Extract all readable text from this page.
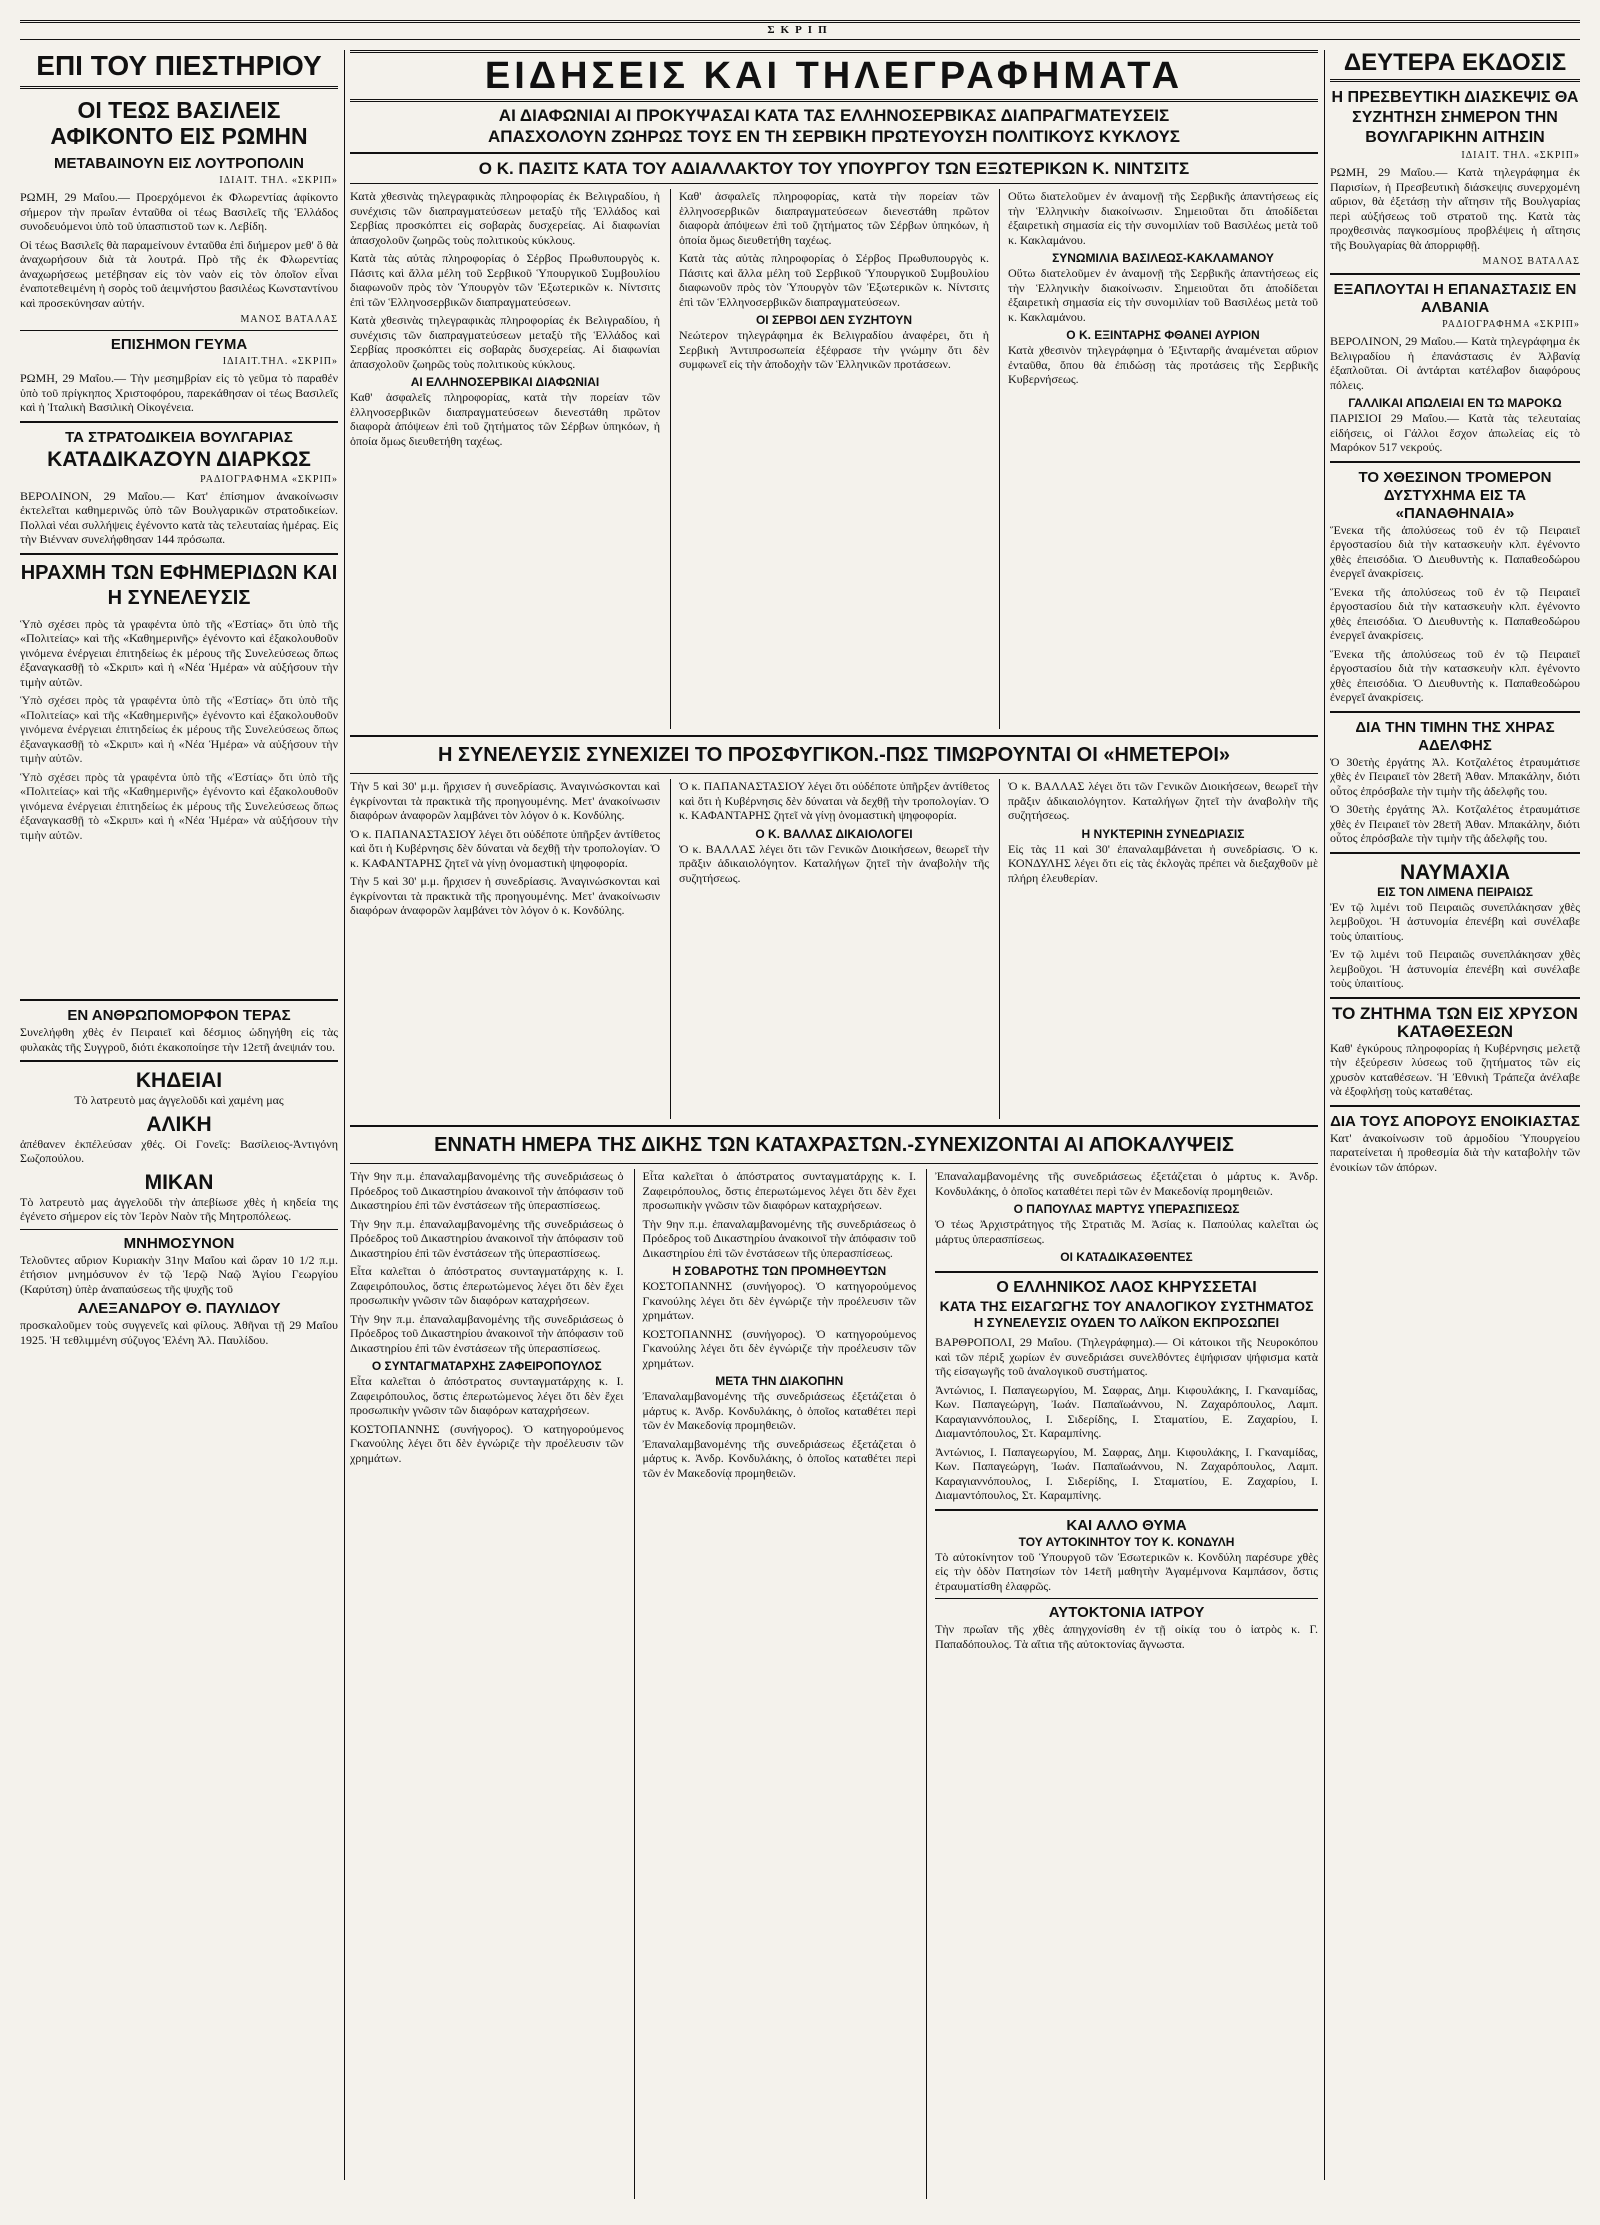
ΣΚΡΙΠ
ΕΠΙ ΤΟΥ ΠΙΕΣΤΗΡΙΟΥ
ΟΙ ΤΕΩΣ ΒΑΣΙΛΕΙΣ ΑΦΙΚΟΝΤΟ ΕΙΣ ΡΩΜΗΝ
ΜΕΤΑΒΑΙΝΟΥΝ ΕΙΣ ΛΟΥΤΡΟΠΟΛΙΝ
ΙΔΙΑΙΤ. ΤΗΛ. «ΣΚΡΙΠ»

ΡΩΜΗ, 29 Μαΐου.— Προερχόμενοι ἐκ Φλωρεντίας ἀφίκοντο σήμερον τὴν πρωΐαν ἐνταῦθα οἱ τέως Βασιλεῖς τῆς Ἑλλάδος συνοδευόμενοι ὑπὸ τοῦ ὑπασπιστοῦ των κ. Λεβίδη.

Οἱ τέως Βασιλεῖς θὰ παραμείνουν ἐνταῦθα ἐπὶ διήμερον μεθ' ὃ θὰ ἀναχωρήσουν διὰ τὰ λουτρά. Πρὸ τῆς ἐκ Φλωρεντίας ἀναχωρήσεως μετέβησαν εἰς τὸν ναὸν εἰς τὸν ὁποῖον εἶναι ἐναποτεθειμένη ἡ σορὸς τοῦ ἀειμνήστου βασιλέως Κωνσταντίνου καὶ προσεκύνησαν αὐτήν.

ΜΑΝΟΣ ΒΑΤΑΛΑΣ
ΕΠΙΣΗΜΟΝ ΓΕΥΜΑ
ΙΔΙΑΙΤ.ΤΗΛ. «ΣΚΡΙΠ»

ΡΩΜΗ, 29 Μαΐου.— Τὴν μεσημβρίαν εἰς τὸ γεῦμα τὸ παραθέν ὑπὸ τοῦ πρίγκηπος Χριστοφόρου, παρεκάθησαν οἱ τέως Βασιλεῖς καὶ ἡ Ἰταλικὴ Βασιλικὴ Οἰκογένεια.

ΤΑ ΣΤΡΑΤΟΔΙΚΕΙΑ ΒΟΥΛΓΑΡΙΑΣ
ΚΑΤΑΔΙΚΑΖΟΥΝ ΔΙΑΡΚΩΣ
ΡΑΔΙΟΓΡΑΦΗΜΑ «ΣΚΡΙΠ»

ΒΕΡΟΛΙΝΟΝ, 29 Μαΐου.— Κατ' ἐπίσημον ἀνακοίνωσιν ἐκτελεῖται καθημερινῶς ὑπὸ τῶν Βουλγαρικῶν στρατοδικείων. Πολλαὶ νέαι συλλήψεις ἐγένοντο κατὰ τὰς τελευταίας ἡμέρας. Εἰς τὴν Βιένναν συνελήφθησαν 144 πρόσωπα.

ΗΡΑΧΜΗ ΤΩΝ ΕΦΗΜΕΡΙΔΩΝ ΚΑΙ Η ΣΥΝΕΛΕΥΣΙΣ

Ὑπὸ σχέσει πρὸς τὰ γραφέντα ὑπὸ τῆς «Ἑστίας» ὅτι ὑπὸ τῆς «Πολιτείας» καὶ τῆς «Καθημερινῆς» ἐγένοντο καὶ ἐξακολουθοῦν γινόμενα ἐνέργειαι ἐπιτηδείως ἐκ μέρους τῆς Συνελεύσεως ὅπως ἐξαναγκασθῇ τὸ «Σκριπ» καὶ ἡ «Νέα Ἡμέρα» νὰ αὐξήσουν τὴν τιμὴν αὐτῶν.

Ὑπὸ σχέσει πρὸς τὰ γραφέντα ὑπὸ τῆς «Ἑστίας» ὅτι ὑπὸ τῆς «Πολιτείας» καὶ τῆς «Καθημερινῆς» ἐγένοντο καὶ ἐξακολουθοῦν γινόμενα ἐνέργειαι ἐπιτηδείως ἐκ μέρους τῆς Συνελεύσεως ὅπως ἐξαναγκασθῇ τὸ «Σκριπ» καὶ ἡ «Νέα Ἡμέρα» νὰ αὐξήσουν τὴν τιμὴν αὐτῶν.

Ὑπὸ σχέσει πρὸς τὰ γραφέντα ὑπὸ τῆς «Ἑστίας» ὅτι ὑπὸ τῆς «Πολιτείας» καὶ τῆς «Καθημερινῆς» ἐγένοντο καὶ ἐξακολουθοῦν γινόμενα ἐνέργειαι ἐπιτηδείως ἐκ μέρους τῆς Συνελεύσεως ὅπως ἐξαναγκασθῇ τὸ «Σκριπ» καὶ ἡ «Νέα Ἡμέρα» νὰ αὐξήσουν τὴν τιμὴν αὐτῶν.

ΕΝ ΑΝΘΡΩΠΟΜΟΡΦΟΝ ΤΕΡΑΣ

Συνελήφθη χθὲς ἐν Πειραιεῖ καὶ δέσμιος ὡδηγήθη εἰς τὰς φυλακὰς τῆς Συγγροῦ, διότι ἐκακοποίησε τὴν 12ετῆ ἀνεψιάν του.

ΚΗΔΕΙΑΙ

Τὸ λατρευτὸ μας ἀγγελοῦδι καὶ χαμένη μας

ΑΛΙΚΗ

ἀπέθανεν ἐκπέλεύσαν χθές. Οἱ Γονεῖς: Βασίλειος-Ἀντιγόνη Σωζοπούλου.

ΜΙΚΑΝ

Τὸ λατρευτὸ μας ἀγγελοῦδι τὴν ἀπεβίωσε χθὲς ἡ κηδεία της ἐγένετο σήμερον εἰς τὸν Ἱερὸν Ναὸν τῆς Μητροπόλεως.

ΜΝΗΜΟΣΥΝΟΝ

Τελοῦντες αὔριον Κυριακὴν 31ην Μαΐου καὶ ὥραν 10 1/2 π.μ. ἐτήσιον μνημόσυνον ἐν τῷ Ἱερῷ Ναῷ Ἁγίου Γεωργίου (Καρύτση) ὑπὲρ ἀναπαύσεως τῆς ψυχῆς τοῦ

ΑΛΕΞΑΝΔΡΟΥ Θ. ΠΑΥΛΙΔΟΥ

προσκαλοῦμεν τοὺς συγγενεῖς καὶ φίλους. Ἀθῆναι τῇ 29 Μαΐου 1925. Ἡ τεθλιμμένη σύζυγος Ἑλένη Ἀλ. Παυλίδου.

ΕΙΔΗΣΕΙΣ ΚΑΙ ΤΗΛΕΓΡΑΦΗΜΑΤΑ
ΑΙ ΔΙΑΦΩΝΙΑΙ ΑΙ ΠΡΟΚΥΨΑΣΑΙ ΚΑΤΑ ΤΑΣ ΕΛΛΗΝΟΣΕΡΒΙΚΑΣ ΔΙΑΠΡΑΓΜΑΤΕΥΣΕΙΣ
ΑΠΑΣΧΟΛΟΥΝ ΖΩΗΡΩΣ ΤΟΥΣ ΕΝ ΤΗ ΣΕΡΒΙΚΗ ΠΡΩΤΕΥΟΥΣΗ ΠΟΛΙΤΙΚΟΥΣ ΚΥΚΛΟΥΣ
Ο Κ. ΠΑΣΙΤΣ ΚΑΤΑ ΤΟΥ ΑΔΙΑΛΛΑΚΤΟΥ ΤΟΥ ΥΠΟΥΡΓΟΥ ΤΩΝ ΕΞΩΤΕΡΙΚΩΝ Κ. ΝΙΝΤΣΙΤΣ

Κατὰ χθεσινὰς τηλεγραφικὰς πληροφορίας ἐκ Βελιγραδίου, ἡ συνέχισις τῶν διαπραγματεύσεων μεταξὺ τῆς Ἑλλάδος καὶ Σερβίας προσκόπτει εἰς σοβαρὰς δυσχερείας. Αἱ διαφωνίαι ἀπασχολοῦν ζωηρῶς τοὺς πολιτικοὺς κύκλους.

Κατὰ τὰς αὐτὰς πληροφορίας ὁ Σέρβος Πρωθυπουργὸς κ. Πάσιτς καὶ ἄλλα μέλη τοῦ Σερβικοῦ Ὑπουργικοῦ Συμβουλίου διαφωνοῦν πρὸς τὸν Ὑπουργὸν τῶν Ἐξωτερικῶν κ. Νίντσιτς ἐπὶ τῶν Ἑλληνοσερβικῶν διαπραγματεύσεων.

Κατὰ χθεσινὰς τηλεγραφικὰς πληροφορίας ἐκ Βελιγραδίου, ἡ συνέχισις τῶν διαπραγματεύσεων μεταξὺ τῆς Ἑλλάδος καὶ Σερβίας προσκόπτει εἰς σοβαρὰς δυσχερείας. Αἱ διαφωνίαι ἀπασχολοῦν ζωηρῶς τοὺς πολιτικοὺς κύκλους.

ΑΙ ΕΛΛΗΝΟΣΕΡΒΙΚΑΙ ΔΙΑΦΩΝΙΑΙ

Καθ' ἀσφαλεῖς πληροφορίας, κατὰ τὴν πορείαν τῶν ἑλληνοσερβικῶν διαπραγματεύσεων διενεστάθη πρῶτον διαφορὰ ἀπόψεων ἐπὶ τοῦ ζητήματος τῶν Σέρβων ὑπηκόων, ἡ ὁποία ὅμως διευθετήθη ταχέως.

Καθ' ἀσφαλεῖς πληροφορίας, κατὰ τὴν πορείαν τῶν ἑλληνοσερβικῶν διαπραγματεύσεων διενεστάθη πρῶτον διαφορὰ ἀπόψεων ἐπὶ τοῦ ζητήματος τῶν Σέρβων ὑπηκόων, ἡ ὁποία ὅμως διευθετήθη ταχέως.

Κατὰ τὰς αὐτὰς πληροφορίας ὁ Σέρβος Πρωθυπουργὸς κ. Πάσιτς καὶ ἄλλα μέλη τοῦ Σερβικοῦ Ὑπουργικοῦ Συμβουλίου διαφωνοῦν πρὸς τὸν Ὑπουργὸν τῶν Ἐξωτερικῶν κ. Νίντσιτς ἐπὶ τῶν Ἑλληνοσερβικῶν διαπραγματεύσεων.

ΟΙ ΣΕΡΒΟΙ ΔΕΝ ΣΥΖΗΤΟΥΝ

Νεώτερον τηλεγράφημα ἐκ Βελιγραδίου ἀναφέρει, ὅτι ἡ Σερβικὴ Ἀντιπροσωπεία ἐξέφρασε τὴν γνώμην ὅτι δὲν συμφωνεῖ εἰς τὴν ἀποδοχὴν τῶν Ἑλληνικῶν προτάσεων.

Οὕτω διατελοῦμεν ἐν ἀναμονῇ τῆς Σερβικῆς ἀπαντήσεως εἰς τὴν Ἑλληνικὴν διακοίνωσιν. Σημειοῦται ὅτι ἀποδίδεται ἐξαιρετικὴ σημασία εἰς τὴν συνομιλίαν τοῦ Βασιλέως μετὰ τοῦ κ. Κακλαμάνου.

ΣΥΝΩΜΙΛΙΑ ΒΑΣΙΛΕΩΣ-ΚΑΚΛΑΜΑΝΟΥ

Οὕτω διατελοῦμεν ἐν ἀναμονῇ τῆς Σερβικῆς ἀπαντήσεως εἰς τὴν Ἑλληνικὴν διακοίνωσιν. Σημειοῦται ὅτι ἀποδίδεται ἐξαιρετικὴ σημασία εἰς τὴν συνομιλίαν τοῦ Βασιλέως μετὰ τοῦ κ. Κακλαμάνου.

Ο Κ. ΕΞΙΝΤΑΡΗΣ ΦΘΑΝΕΙ ΑΥΡΙΟΝ

Κατὰ χθεσινὸν τηλεγράφημα ὁ Ἐξινταρῆς ἀναμένεται αὔριον ἐνταῦθα, ὅπου θὰ ἐπιδώσῃ τὰς προτάσεις τῆς Σερβικῆς Κυβερνήσεως.

Η ΣΥΝΕΛΕΥΣΙΣ ΣΥΝΕΧΙΖΕΙ ΤΟ ΠΡΟΣΦΥΓΙΚΟΝ.-ΠΩΣ ΤΙΜΩΡΟΥΝΤΑΙ ΟΙ «ΗΜΕΤΕΡΟΙ»

Τὴν 5 καὶ 30' μ.μ. ἤρχισεν ἡ συνεδρίασις. Ἀναγινώσκονται καὶ ἐγκρίνονται τὰ πρακτικὰ τῆς προηγουμένης. Μετ' ἀνακοίνωσιν διαφόρων ἀναφορῶν λαμβάνει τὸν λόγον ὁ κ. Κονδύλης.

Ὁ κ. ΠΑΠΑΝΑΣΤΑΣΙΟΥ λέγει ὅτι οὐδέποτε ὑπῆρξεν ἀντίθετος καὶ ὅτι ἡ Κυβέρνησις δὲν δύναται νὰ δεχθῇ τὴν τροπολογίαν. Ὁ κ. ΚΑΦΑΝΤΑΡΗΣ ζητεῖ νὰ γίνῃ ὀνομαστικὴ ψηφοφορία.

Τὴν 5 καὶ 30' μ.μ. ἤρχισεν ἡ συνεδρίασις. Ἀναγινώσκονται καὶ ἐγκρίνονται τὰ πρακτικὰ τῆς προηγουμένης. Μετ' ἀνακοίνωσιν διαφόρων ἀναφορῶν λαμβάνει τὸν λόγον ὁ κ. Κονδύλης.

Ὁ κ. ΠΑΠΑΝΑΣΤΑΣΙΟΥ λέγει ὅτι οὐδέποτε ὑπῆρξεν ἀντίθετος καὶ ὅτι ἡ Κυβέρνησις δὲν δύναται νὰ δεχθῇ τὴν τροπολογίαν. Ὁ κ. ΚΑΦΑΝΤΑΡΗΣ ζητεῖ νὰ γίνῃ ὀνομαστικὴ ψηφοφορία.

Ο Κ. ΒΑΛΛΑΣ ΔΙΚΑΙΟΛΟΓΕΙ

Ὁ κ. ΒΑΛΛΑΣ λέγει ὅτι τῶν Γενικῶν Διοικήσεων, θεωρεῖ τὴν πρᾶξιν ἀδικαιολόγητον. Καταλήγων ζητεῖ τὴν ἀναβολὴν τῆς συζητήσεως.

Ὁ κ. ΒΑΛΛΑΣ λέγει ὅτι τῶν Γενικῶν Διοικήσεων, θεωρεῖ τὴν πρᾶξιν ἀδικαιολόγητον. Καταλήγων ζητεῖ τὴν ἀναβολὴν τῆς συζητήσεως.

Η ΝΥΚΤΕΡΙΝΗ ΣΥΝΕΔΡΙΑΣΙΣ

Εἰς τὰς 11 καὶ 30' ἐπαναλαμβάνεται ἡ συνεδρίασις. Ὁ κ. ΚΟΝΔΥΛΗΣ λέγει ὅτι εἰς τὰς ἐκλογὰς πρέπει νὰ διεξαχθοῦν μὲ πλήρη ἐλευθερίαν.

ΕΝΝΑΤΗ ΗΜΕΡΑ ΤΗΣ ΔΙΚΗΣ ΤΩΝ ΚΑΤΑΧΡΑΣΤΩΝ.-ΣΥΝΕΧΙΖΟΝΤΑΙ ΑΙ ΑΠΟΚΑΛΥΨΕΙΣ

Τὴν 9ην π.μ. ἐπαναλαμβανομένης τῆς συνεδριάσεως ὁ Πρόεδρος τοῦ Δικαστηρίου ἀνακοινοῖ τὴν ἀπόφασιν τοῦ Δικαστηρίου ἐπὶ τῶν ἐνστάσεων τῆς ὑπερασπίσεως.

Τὴν 9ην π.μ. ἐπαναλαμβανομένης τῆς συνεδριάσεως ὁ Πρόεδρος τοῦ Δικαστηρίου ἀνακοινοῖ τὴν ἀπόφασιν τοῦ Δικαστηρίου ἐπὶ τῶν ἐνστάσεων τῆς ὑπερασπίσεως.

Εἶτα καλεῖται ὁ ἀπόστρατος συνταγματάρχης κ. Ι. Ζαφειρόπουλος, ὅστις ἐπερωτώμενος λέγει ὅτι δὲν ἔχει προσωπικὴν γνῶσιν τῶν διαφόρων καταχρήσεων.

Τὴν 9ην π.μ. ἐπαναλαμβανομένης τῆς συνεδριάσεως ὁ Πρόεδρος τοῦ Δικαστηρίου ἀνακοινοῖ τὴν ἀπόφασιν τοῦ Δικαστηρίου ἐπὶ τῶν ἐνστάσεων τῆς ὑπερασπίσεως.

Ο ΣΥΝΤΑΓΜΑΤΑΡΧΗΣ ΖΑΦΕΙΡΟΠΟΥΛΟΣ

Εἶτα καλεῖται ὁ ἀπόστρατος συνταγματάρχης κ. Ι. Ζαφειρόπουλος, ὅστις ἐπερωτώμενος λέγει ὅτι δὲν ἔχει προσωπικὴν γνῶσιν τῶν διαφόρων καταχρήσεων.

ΚΟΣΤΟΠΑΝΝΗΣ (συνήγορος). Ὁ κατηγορούμενος Γκανούλης λέγει ὅτι δὲν ἐγνώριζε τὴν προέλευσιν τῶν χρημάτων.

Εἶτα καλεῖται ὁ ἀπόστρατος συνταγματάρχης κ. Ι. Ζαφειρόπουλος, ὅστις ἐπερωτώμενος λέγει ὅτι δὲν ἔχει προσωπικὴν γνῶσιν τῶν διαφόρων καταχρήσεων.

Τὴν 9ην π.μ. ἐπαναλαμβανομένης τῆς συνεδριάσεως ὁ Πρόεδρος τοῦ Δικαστηρίου ἀνακοινοῖ τὴν ἀπόφασιν τοῦ Δικαστηρίου ἐπὶ τῶν ἐνστάσεων τῆς ὑπερασπίσεως.

Η ΣΟΒΑΡΟΤΗΣ ΤΩΝ ΠΡΟΜΗΘΕΥΤΩΝ

ΚΟΣΤΟΠΑΝΝΗΣ (συνήγορος). Ὁ κατηγορούμενος Γκανούλης λέγει ὅτι δὲν ἐγνώριζε τὴν προέλευσιν τῶν χρημάτων.

ΚΟΣΤΟΠΑΝΝΗΣ (συνήγορος). Ὁ κατηγορούμενος Γκανούλης λέγει ὅτι δὲν ἐγνώριζε τὴν προέλευσιν τῶν χρημάτων.

ΜΕΤΑ ΤΗΝ ΔΙΑΚΟΠΗΝ

Ἐπαναλαμβανομένης τῆς συνεδριάσεως ἐξετάζεται ὁ μάρτυς κ. Ἀνδρ. Κονδυλάκης, ὁ ὁποῖος καταθέτει περὶ τῶν ἐν Μακεδονίᾳ προμηθειῶν.

Ἐπαναλαμβανομένης τῆς συνεδριάσεως ἐξετάζεται ὁ μάρτυς κ. Ἀνδρ. Κονδυλάκης, ὁ ὁποῖος καταθέτει περὶ τῶν ἐν Μακεδονίᾳ προμηθειῶν.

Ἐπαναλαμβανομένης τῆς συνεδριάσεως ἐξετάζεται ὁ μάρτυς κ. Ἀνδρ. Κονδυλάκης, ὁ ὁποῖος καταθέτει περὶ τῶν ἐν Μακεδονίᾳ προμηθειῶν.

Ο ΠΑΠΟΥΛΑΣ ΜΑΡΤΥΣ ΥΠΕΡΑΣΠΙΣΕΩΣ

Ὁ τέως Ἀρχιστράτηγος τῆς Στρατιᾶς Μ. Ἀσίας κ. Παπούλας καλεῖται ὡς μάρτυς ὑπερασπίσεως.

ΟΙ ΚΑΤΑΔΙΚΑΣΘΕΝΤΕΣ
Ο ΕΛΛΗΝΙΚΟΣ ΛΑΟΣ ΚΗΡΥΣΣΕΤΑΙ
ΚΑΤΑ ΤΗΣ ΕΙΣΑΓΩΓΗΣ ΤΟΥ ΑΝΑΛΟΓΙΚΟΥ ΣΥΣΤΗΜΑΤΟΣ
Η ΣΥΝΕΛΕΥΣΙΣ ΟΥΔΕΝ ΤΟ ΛΑΪΚΟΝ ΕΚΠΡΟΣΩΠΕΙ

ΒΑΡΘΡΟΠΟΛΙ, 29 Μαΐου. (Τηλεγράφημα).— Οἱ κάτοικοι τῆς Νευροκόπου καὶ τῶν πέριξ χωρίων ἐν συνεδριάσει συνελθόντες ἐψήφισαν ψήφισμα κατὰ τῆς εἰσαγωγῆς τοῦ ἀναλογικοῦ συστήματος.

Ἀντώνιος, Ι. Παπαγεωργίου, Μ. Σαφρας, Δημ. Κιφουλάκης, Ι. Γκαναμίδας, Κων. Παπαγεώργη, Ἰωάν. Παπαϊωάννου, Ν. Ζαχαρόπουλος, Λαμπ. Καραγιαννόπουλος, Ι. Σιδερίδης, Ι. Σταματίου, Ε. Ζαχαρίου, Ι. Διαμαντόπουλος, Στ. Καραμπίνης.

Ἀντώνιος, Ι. Παπαγεωργίου, Μ. Σαφρας, Δημ. Κιφουλάκης, Ι. Γκαναμίδας, Κων. Παπαγεώργη, Ἰωάν. Παπαϊωάννου, Ν. Ζαχαρόπουλος, Λαμπ. Καραγιαννόπουλος, Ι. Σιδερίδης, Ι. Σταματίου, Ε. Ζαχαρίου, Ι. Διαμαντόπουλος, Στ. Καραμπίνης.

ΚΑΙ ΑΛΛΟ ΘΥΜΑ
ΤΟΥ ΑΥΤΟΚΙΝΗΤΟΥ ΤΟΥ Κ. ΚΟΝΔΥΛΗ

Τὸ αὐτοκίνητον τοῦ Ὑπουργοῦ τῶν Ἐσωτερικῶν κ. Κονδύλη παρέσυρε χθὲς εἰς τὴν ὁδὸν Πατησίων τὸν 14ετῆ μαθητὴν Ἀγαμέμνονα Καμπάσον, ὅστις ἐτραυματίσθη ἐλαφρῶς.

ΑΥΤΟΚΤΟΝΙΑ ΙΑΤΡΟΥ

Τὴν πρωΐαν τῆς χθὲς ἀπηγχονίσθη ἐν τῇ οἰκίᾳ του ὁ ἰατρὸς κ. Γ. Παπαδόπουλος. Τὰ αἴτια τῆς αὐτοκτονίας ἄγνωστα.

ΔΕΥΤΕΡΑ ΕΚΔΟΣΙΣ
Η ΠΡΕΣΒΕΥΤΙΚΗ ΔΙΑΣΚΕΨΙΣ ΘΑ ΣΥΖΗΤΗΣΗ ΣΗΜΕΡΟΝ ΤΗΝ ΒΟΥΛΓΑΡΙΚΗΝ ΑΙΤΗΣΙΝ
ΙΔΙΑΙΤ. ΤΗΛ. «ΣΚΡΙΠ»

ΡΩΜΗ, 29 Μαΐου.— Κατὰ τηλεγράφημα ἐκ Παρισίων, ἡ Πρεσβευτικὴ διάσκεψις συνερχομένη αὔριον, θὰ ἐξετάσῃ τὴν αἴτησιν τῆς Βουλγαρίας περὶ αὐξήσεως τοῦ στρατοῦ της. Κατὰ τὰς προχθεσινὰς παγκοσμίους προβλέψεις ἡ αἴτησις τῆς Βουλγαρίας θὰ ἀπορριφθῇ.

ΜΑΝΟΣ ΒΑΤΑΛΑΣ
ΕΞΑΠΛΟΥΤΑΙ Η ΕΠΑΝΑΣΤΑΣΙΣ ΕΝ ΑΛΒΑΝΙΑ
ΡΑΔΙΟΓΡΑΦΗΜΑ «ΣΚΡΙΠ»

ΒΕΡΟΛΙΝΟΝ, 29 Μαΐου.— Κατὰ τηλεγράφημα ἐκ Βελιγραδίου ἡ ἐπανάστασις ἐν Ἀλβανίᾳ ἐξαπλοῦται. Οἱ ἀντάρται κατέλαβον διαφόρους πόλεις.

ΓΑΛΛΙΚΑΙ ΑΠΩΛΕΙΑΙ ΕΝ ΤΩ ΜΑΡΟΚΩ

ΠΑΡΙΣΙΟΙ 29 Μαΐου.— Κατὰ τὰς τελευταίας εἰδήσεις, οἱ Γάλλοι ἔσχον ἀπωλείας εἰς τὸ Μαρόκον 517 νεκρούς.

ΤΟ ΧΘΕΣΙΝΟΝ ΤΡΟΜΕΡΟΝ ΔΥΣΤΥΧΗΜΑ ΕΙΣ ΤΑ «ΠΑΝΑΘΗΝΑΙΑ»

Ἕνεκα τῆς ἀπολύσεως τοῦ ἐν τῷ Πειραιεῖ ἐργοστασίου διὰ τὴν κατασκευὴν κλπ. ἐγένοντο χθὲς ἐπεισόδια. Ὁ Διευθυντὴς κ. Παπαθεοδώρου ἐνεργεῖ ἀνακρίσεις.

Ἕνεκα τῆς ἀπολύσεως τοῦ ἐν τῷ Πειραιεῖ ἐργοστασίου διὰ τὴν κατασκευὴν κλπ. ἐγένοντο χθὲς ἐπεισόδια. Ὁ Διευθυντὴς κ. Παπαθεοδώρου ἐνεργεῖ ἀνακρίσεις.

Ἕνεκα τῆς ἀπολύσεως τοῦ ἐν τῷ Πειραιεῖ ἐργοστασίου διὰ τὴν κατασκευὴν κλπ. ἐγένοντο χθὲς ἐπεισόδια. Ὁ Διευθυντὴς κ. Παπαθεοδώρου ἐνεργεῖ ἀνακρίσεις.

ΔΙΑ ΤΗΝ ΤΙΜΗΝ ΤΗΣ ΧΗΡΑΣ ΑΔΕΛΦΗΣ

Ὁ 30ετὴς ἐργάτης Ἀλ. Κοτζαλέτος ἐτραυμάτισε χθὲς ἐν Πειραιεῖ τὸν 28ετῆ Ἀθαν. Μπακάλην, διότι οὗτος ἐπρόσβαλε τὴν τιμὴν τῆς ἀδελφῆς του.

Ὁ 30ετὴς ἐργάτης Ἀλ. Κοτζαλέτος ἐτραυμάτισε χθὲς ἐν Πειραιεῖ τὸν 28ετῆ Ἀθαν. Μπακάλην, διότι οὗτος ἐπρόσβαλε τὴν τιμὴν τῆς ἀδελφῆς του.

ΝΑΥΜΑΧΙΑ
ΕΙΣ ΤΟΝ ΛΙΜΕΝΑ ΠΕΙΡΑΙΩΣ

Ἐν τῷ λιμένι τοῦ Πειραιῶς συνεπλάκησαν χθὲς λεμβοῦχοι. Ἡ ἀστυνομία ἐπενέβη καὶ συνέλαβε τοὺς ὑπαιτίους.

Ἐν τῷ λιμένι τοῦ Πειραιῶς συνεπλάκησαν χθὲς λεμβοῦχοι. Ἡ ἀστυνομία ἐπενέβη καὶ συνέλαβε τοὺς ὑπαιτίους.

ΤΟ ΖΗΤΗΜΑ ΤΩΝ ΕΙΣ ΧΡΥΣΟΝ ΚΑΤΑΘΕΣΕΩΝ

Καθ' ἐγκύρους πληροφορίας ἡ Κυβέρνησις μελετᾷ τὴν ἐξεύρεσιν λύσεως τοῦ ζητήματος τῶν εἰς χρυσὸν καταθέσεων. Ἡ Ἐθνικὴ Τράπεζα ἀνέλαβε νὰ ἐξοφλήσῃ τοὺς καταθέτας.

ΔΙΑ ΤΟΥΣ ΑΠΟΡΟΥΣ ΕΝΟΙΚΙΑΣΤΑΣ

Κατ' ἀνακοίνωσιν τοῦ ἁρμοδίου Ὑπουργείου παρατείνεται ἡ προθεσμία διὰ τὴν καταβολὴν τῶν ἐνοικίων τῶν ἀπόρων.
